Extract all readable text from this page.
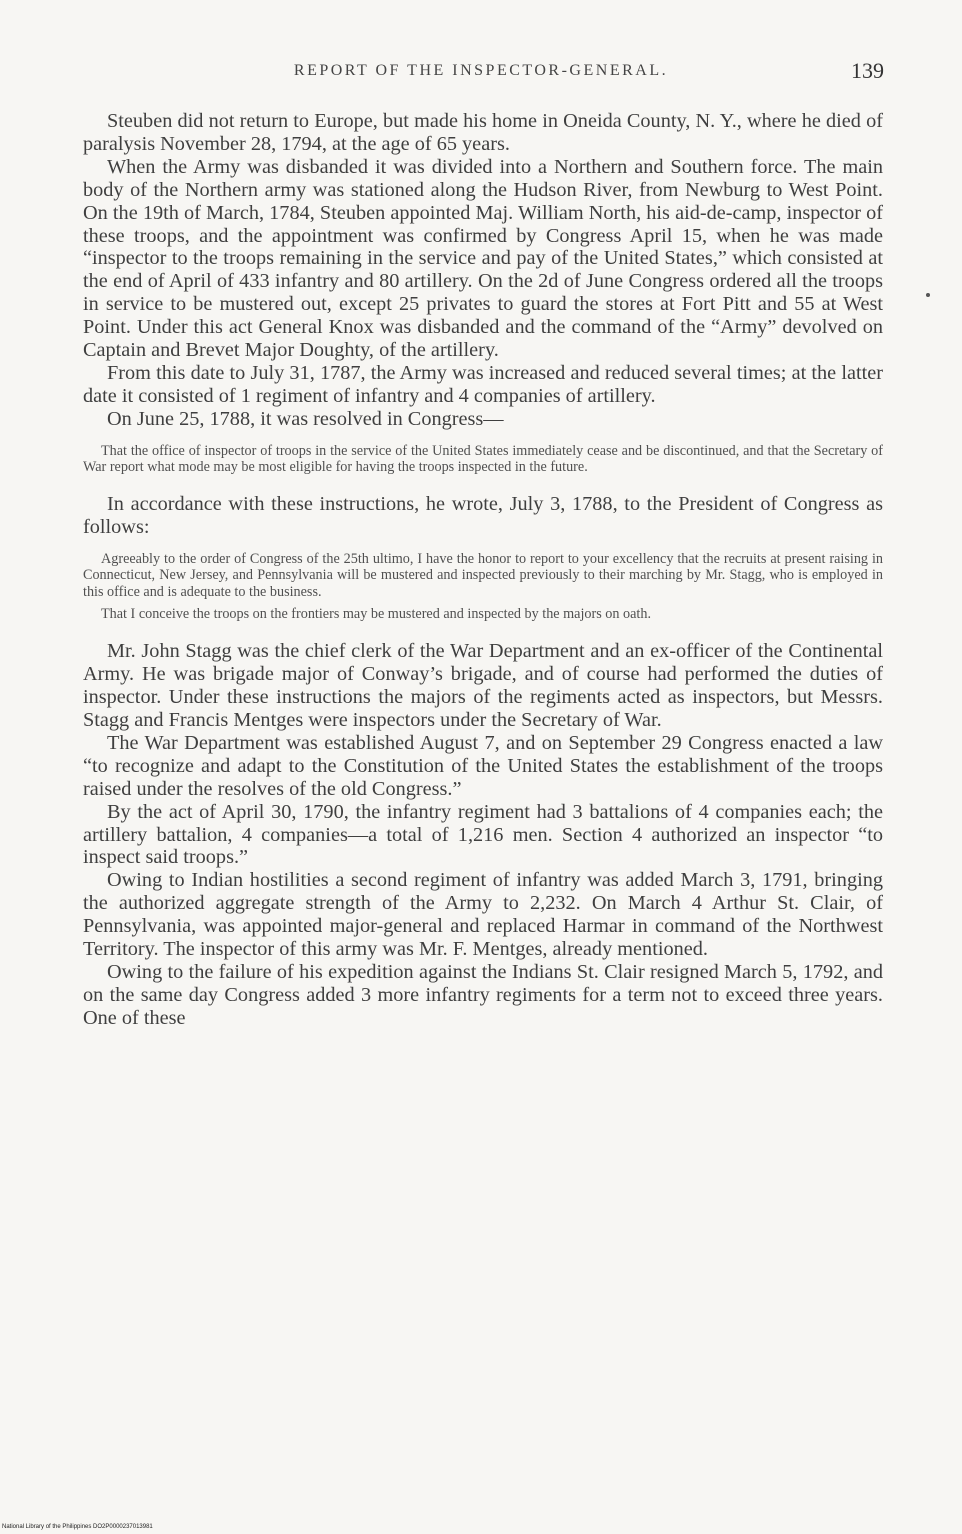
REPORT OF THE INSPECTOR-GENERAL.	139

Steuben did not return to Europe, but made his home in Oneida County, N. Y., where he died of paralysis November 28, 1794, at the age of 65 years.

When the Army was disbanded it was divided into a Northern and Southern force. The main body of the Northern army was stationed along the Hudson River, from Newburg to West Point. On the 19th of March, 1784, Steuben appointed Maj. William North, his aid-de-camp, inspector of these troops, and the appointment was confirmed by Congress April 15, when he was made “inspector to the troops remaining in the service and pay of the United States,” which consisted at the end of April of 433 infantry and 80 artillery. On the 2d of June Congress ordered all the troops in service to be mustered out, except 25 privates to guard the stores at Fort Pitt and 55 at West Point. Under this act General Knox was disbanded and the command of the “Army” devolved on Captain and Brevet Major Doughty, of the artillery.

From this date to July 31, 1787, the Army was increased and reduced several times; at the latter date it consisted of 1 regiment of infantry and 4 companies of artillery.

On June 25, 1788, it was resolved in Congress—

That the office of inspector of troops in the service of the United States immediately cease and be discontinued, and that the Secretary of War report what mode may be most eligible for having the troops inspected in the future.

In accordance with these instructions, he wrote, July 3, 1788, to the President of Congress as follows:

Agreeably to the order of Congress of the 25th ultimo, I have the honor to report to your excellency that the recruits at present raising in Connecticut, New Jersey, and Pennsylvania will be mustered and inspected previously to their marching by Mr. Stagg, who is employed in this office and is adequate to the business.

That I conceive the troops on the frontiers may be mustered and inspected by the majors on oath.

Mr. John Stagg was the chief clerk of the War Department and an ex-officer of the Continental Army. He was brigade major of Conway’s brigade, and of course had performed the duties of inspector. Under these instructions the majors of the regiments acted as inspectors, but Messrs. Stagg and Francis Mentges were inspectors under the Secretary of War.

The War Department was established August 7, and on September 29 Congress enacted a law “to recognize and adapt to the Constitution of the United States the establishment of the troops raised under the resolves of the old Congress.”

By the act of April 30, 1790, the infantry regiment had 3 battalions of 4 companies each; the artillery battalion, 4 companies—a total of 1,216 men. Section 4 authorized an inspector “to inspect said troops.”

Owing to Indian hostilities a second regiment of infantry was added March 3, 1791, bringing the authorized aggregate strength of the Army to 2,232. On March 4 Arthur St. Clair, of Pennsylvania, was appointed major-general and replaced Harmar in command of the Northwest Territory. The inspector of this army was Mr. F. Mentges, already mentioned.

Owing to the failure of his expedition against the Indians St. Clair resigned March 5, 1792, and on the same day Congress added 3 more infantry regiments for a term not to exceed three years. One of these

National Library of the Philippines DO2P0000237013981
